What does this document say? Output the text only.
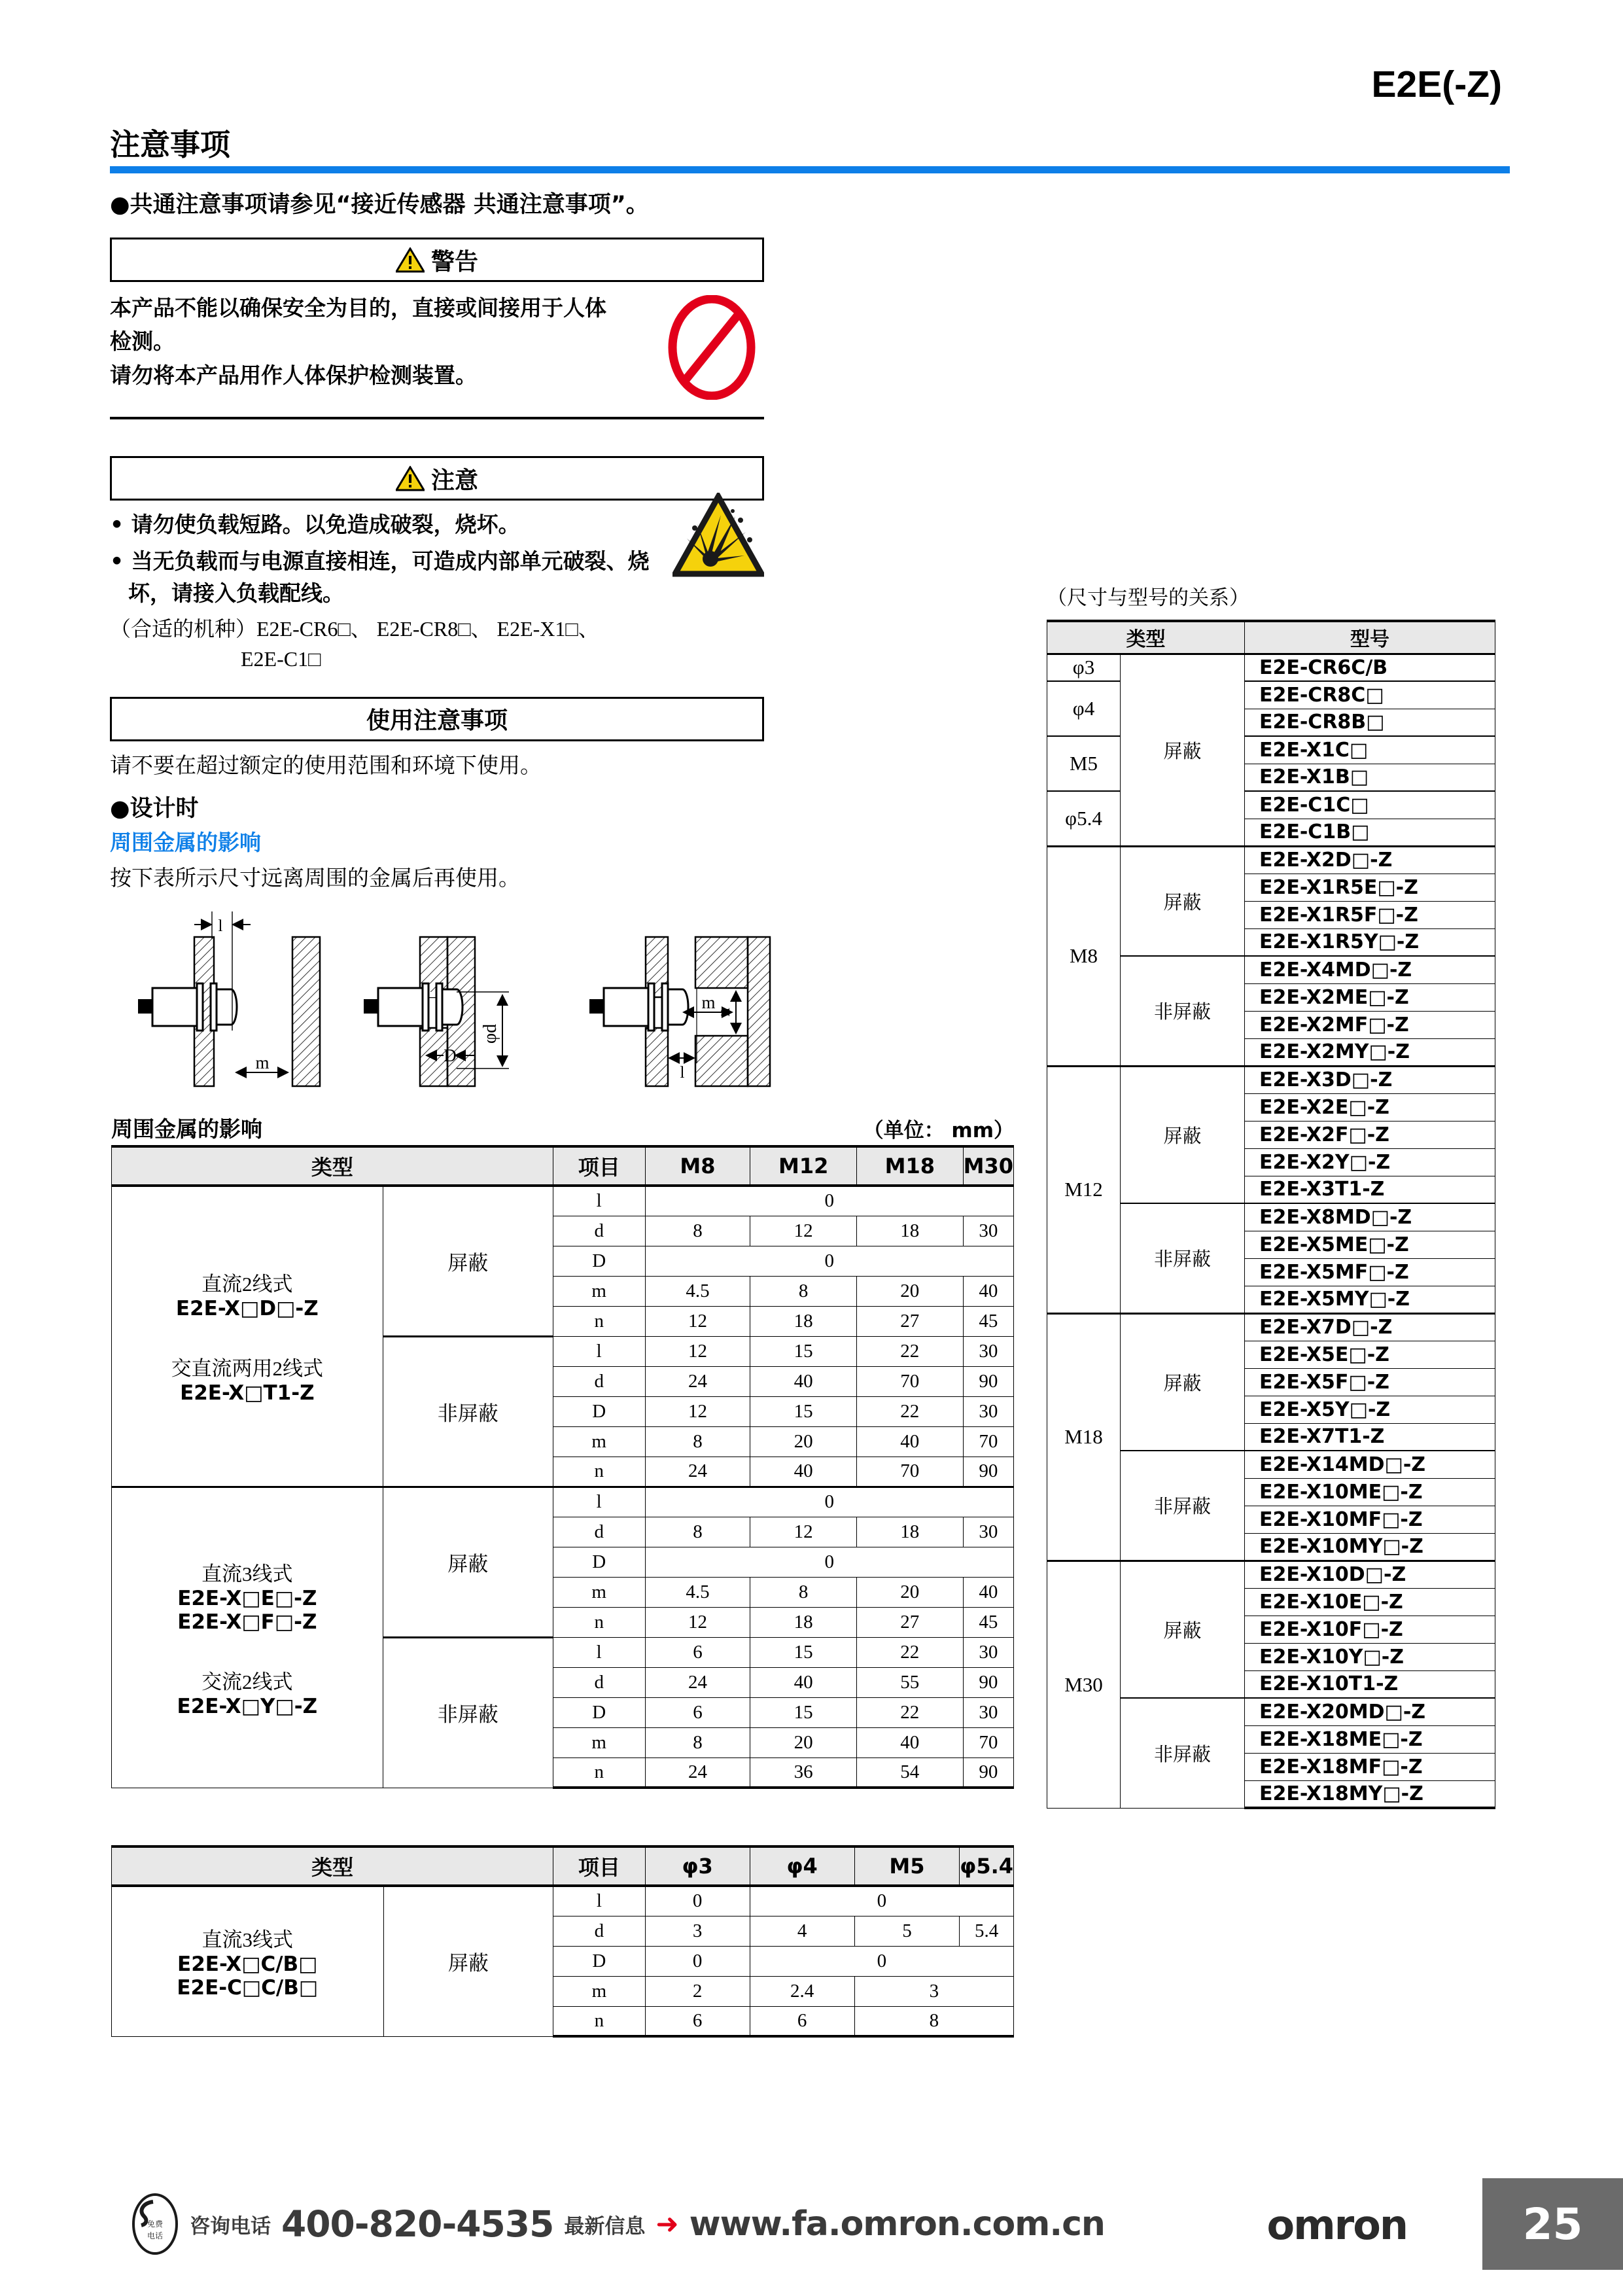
E2E(-Z)
注意事项
●共通注意事项请参见“接近传感器 共通注意事项”。
警告
本产品不能以确保安全为目的，直接或间接用于人体
检测。
请勿将本产品用作人体保护检测装置。
注意
• 请勿使负载短路。以免造成破裂，烧坏。
• 当无负载而与电源直接相连，可造成内部单元破裂、烧坏，请接入负载配线。
（合适的机种）E2E-CR6□、 E2E-CR8□、 E2E-X1□、
E2E-C1□
使用注意事项
请不要在超过额定的使用范围和环境下使用。
●设计时
周围金属的影响
按下表所示尺寸远离周围的金属后再使用。
l
m
φd
D
n
m
l
周围金属的影响	（单位： mm）
类型		项目	M8	M12	M18	M30

直流2线式
E2E-X□D□-Z
交直流两用2线式
E2E-X□T1-Z	屏蔽	l	0			
		d	8	12	18	30
		D	0			
		m	4.5	8	20	40
		n	12	18	27	45
	非屏蔽	l	12	15	22	30
		d	24	40	70	90
		D	12	15	22	30
		m	8	20	40	70
		n	24	40	70	90

直流3线式
E2E-X□E□-Z
E2E-X□F□-Z
交流2线式
E2E-X□Y□-Z	屏蔽	l	0			
		d	8	12	18	30
		D	0			
		m	4.5	8	20	40
		n	12	18	27	45
	非屏蔽	l	6	15	22	30
		d	24	40	55	90
		D	6	15	22	30
		m	8	20	40	70
		n	24	36	54	90
类型		项目	φ3	φ4	M5	φ5.4

直流3线式
E2E-X□C/B□
E2E-C□C/B□	屏蔽	l	0	0		
		d	3	4	5	5.4
		D	0	0		
		m	2	2.4	3	
		n	6	6	8	
（尺寸与型号的关系）
类型		型号
φ3	屏蔽	E2E-CR6C/B
φ4		E2E-CR8C□
		E2E-CR8B□
M5		E2E-X1C□
		E2E-X1B□
φ5.4		E2E-C1C□
		E2E-C1B□
M8	屏蔽	E2E-X2D□-Z
		E2E-X1R5E□-Z
		E2E-X1R5F□-Z
		E2E-X1R5Y□-Z
	非屏蔽	E2E-X4MD□-Z
		E2E-X2ME□-Z
		E2E-X2MF□-Z
		E2E-X2MY□-Z
M12	屏蔽	E2E-X3D□-Z
		E2E-X2E□-Z
		E2E-X2F□-Z
		E2E-X2Y□-Z
		E2E-X3T1-Z
	非屏蔽	E2E-X8MD□-Z
		E2E-X5ME□-Z
		E2E-X5MF□-Z
		E2E-X5MY□-Z
M18	屏蔽	E2E-X7D□-Z
		E2E-X5E□-Z
		E2E-X5F□-Z
		E2E-X5Y□-Z
		E2E-X7T1-Z
	非屏蔽	E2E-X14MD□-Z
		E2E-X10ME□-Z
		E2E-X10MF□-Z
		E2E-X10MY□-Z
M30	屏蔽	E2E-X10D□-Z
		E2E-X10E□-Z
		E2E-X10F□-Z
		E2E-X10Y□-Z
		E2E-X10T1-Z
	非屏蔽	E2E-X20MD□-Z
		E2E-X18ME□-Z
		E2E-X18MF□-Z
		E2E-X18MY□-Z
免费
电话 咨询电话 400-820-4535 最新信息 ➜ www.fa.omron.com.cn	omron	25
